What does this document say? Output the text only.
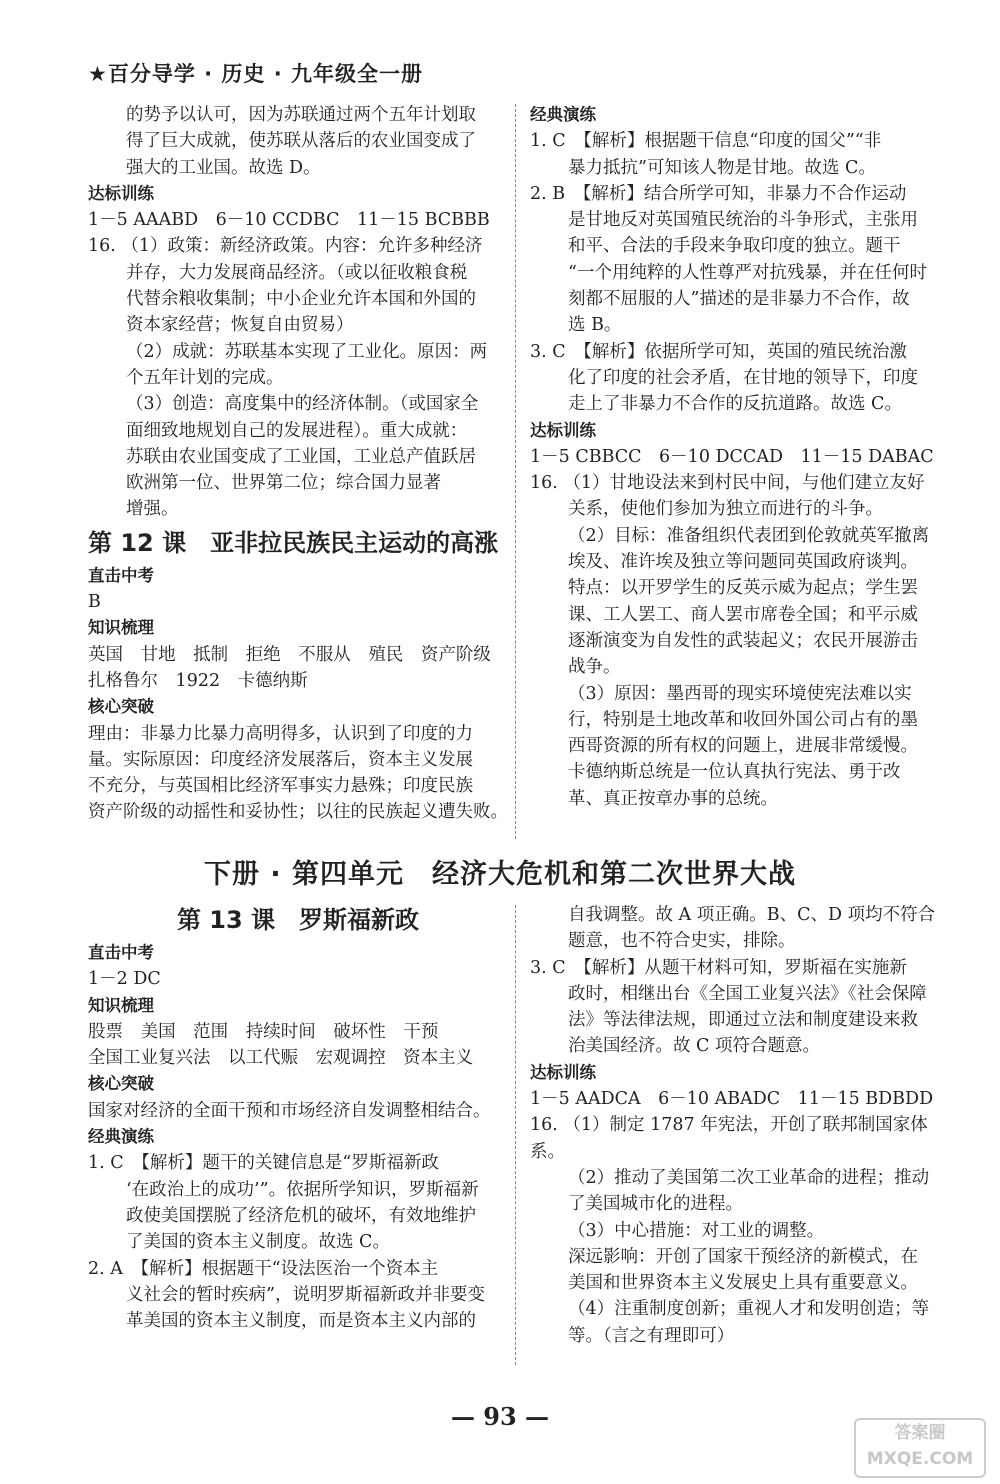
★百分导学 · 历史 · 九年级全一册

的势予以认可，因为苏联通过两个五年计划取

得了巨大成就，使苏联从落后的农业国变成了

强大的工业国。故选 D。

达标训练

1－5 AAABD　6－10 CCDBC　11－15 BCBBB

16. （1）政策：新经济政策。内容：允许多种经济

并存，大力发展商品经济。（或以征收粮食税

代替余粮收集制；中小企业允许本国和外国的

资本家经营；恢复自由贸易）

（2）成就：苏联基本实现了工业化。原因：两

个五年计划的完成。

（3）创造：高度集中的经济体制。（或国家全

面细致地规划自己的发展进程）。重大成就：

苏联由农业国变成了工业国，工业总产值跃居

欧洲第一位、世界第二位；综合国力显著

增强。

第 12 课　亚非拉民族民主运动的高涨

直击中考

B

知识梳理

英国 甘地 抵制 拒绝 不服从 殖民 资产阶级

扎格鲁尔 1922 卡德纳斯

核心突破

理由：非暴力比暴力高明得多，认识到了印度的力

量。实际原因：印度经济发展落后，资本主义发展

不充分，与英国相比经济军事实力悬殊；印度民族

资产阶级的动摇性和妥协性；以往的民族起义遭失败。

经典演练

1. C　【解析】根据题干信息“印度的国父”“非

暴力抵抗”可知该人物是甘地。故选 C。

2. B　【解析】结合所学可知，非暴力不合作运动

是甘地反对英国殖民统治的斗争形式，主张用

和平、合法的手段来争取印度的独立。题干

“一个用纯粹的人性尊严对抗残暴，并在任何时

刻都不屈服的人”描述的是非暴力不合作，故

选 B。

3. C　【解析】依据所学可知，英国的殖民统治激

化了印度的社会矛盾，在甘地的领导下，印度

走上了非暴力不合作的反抗道路。故选 C。

达标训练

1－5 CBBCC　6－10 DCCAD　11－15 DABAC

16. （1）甘地设法来到村民中间，与他们建立友好

关系，使他们参加为独立而进行的斗争。

（2）目标：准备组织代表团到伦敦就英军撤离

埃及、准许埃及独立等问题同英国政府谈判。

特点：以开罗学生的反英示威为起点；学生罢

课、工人罢工、商人罢市席卷全国；和平示威

逐渐演变为自发性的武装起义；农民开展游击

战争。

（3）原因：墨西哥的现实环境使宪法难以实

行，特别是土地改革和收回外国公司占有的墨

西哥资源的所有权的问题上，进展非常缓慢。

卡德纳斯总统是一位认真执行宪法、勇于改

革、真正按章办事的总统。

下册 · 第四单元　经济大危机和第二次世界大战

第 13 课　罗斯福新政

直击中考

1－2 DC

知识梳理

股票 美国 范围 持续时间 破坏性 干预

全国工业复兴法 以工代赈 宏观调控 资本主义

核心突破

国家对经济的全面干预和市场经济自发调整相结合。

经典演练

1. C　【解析】题干的关键信息是“罗斯福新政

‘在政治上的成功’”。依据所学知识，罗斯福新

政使美国摆脱了经济危机的破坏，有效地维护

了美国的资本主义制度。故选 C。

2. A　【解析】根据题干“设法医治一个资本主

义社会的暂时疾病”，说明罗斯福新政并非要变

革美国的资本主义制度，而是资本主义内部的

自我调整。故 A 项正确。B、C、D 项均不符合

题意，也不符合史实，排除。

3. C　【解析】从题干材料可知，罗斯福在实施新

政时，相继出台《全国工业复兴法》《社会保障

法》等法律法规，即通过立法和制度建设来救

治美国经济。故 C 项符合题意。

达标训练

1－5 AADCA　6－10 ABADC　11－15 BDBDD

16. （1）制定 1787 年宪法，开创了联邦制国家体系。

（2）推动了美国第二次工业革命的进程；推动

了美国城市化的进程。

（3）中心措施：对工业的调整。

深远影响：开创了国家干预经济的新模式，在

美国和世界资本主义发展史上具有重要意义。

（4）注重制度创新；重视人才和发明创造；等

等。（言之有理即可）

— 93 —
答案圈
MXQE.COM
